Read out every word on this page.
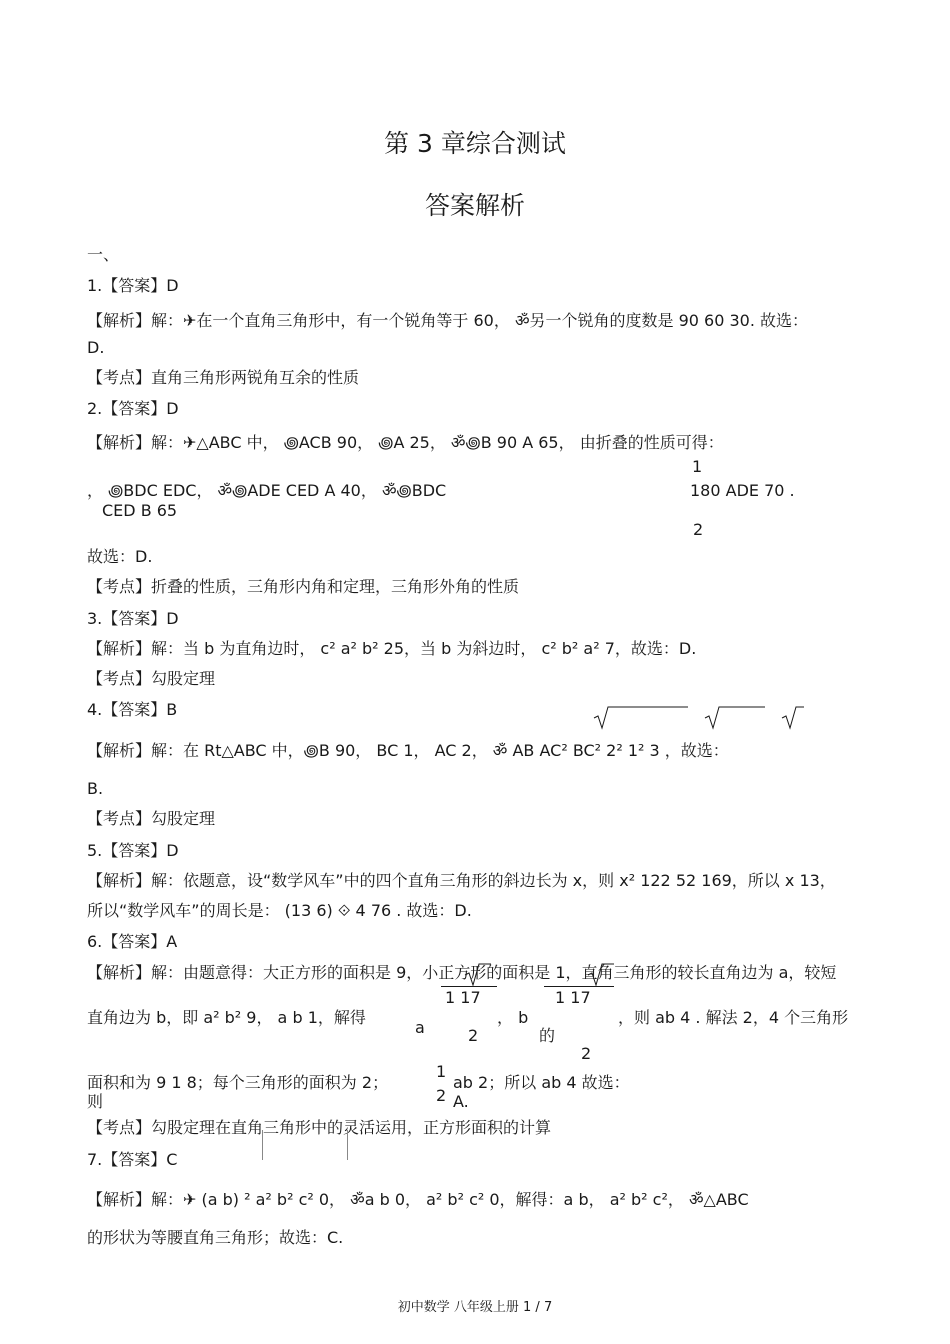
第 3 章综合测试
答案解析
一、
1.【答案】D
【解析】解：✈在一个直角三角形中，有一个锐角等于 60， ॐ另一个锐角的度数是 90 60 30. 故选：
D.
【考点】直角三角形两锐角互余的性质
2.【答案】D
【解析】解：✈△ABC 中， ꩜ACB 90， ꩜A 25， ॐ꩜B 90 A 65， 由折叠的性质可得：
1
， ꩜BDC EDC， ॐ꩜ADE CED A 40， ॐ꩜BDC	180 ADE 70 .
CED B 65
2
故选：D.
【考点】折叠的性质，三角形内角和定理，三角形外角的性质
3.【答案】D
【解析】解：当 b 为直角边时， c² a² b² 25，当 b 为斜边时， c² b² a² 7，故选：D.
【考点】勾股定理
4.【答案】B
【解析】解：在 Rt△ABC 中，꩜B 90， BC 1， AC 2， ॐ AB AC² BC² 2² 1² 3 ，故选：
B.
【考点】勾股定理
5.【答案】D
【解析】解：依题意，设“数学风车”中的四个直角三角形的斜边长为 x，则 x² 122 52 169，所以 x 13，
所以“数学风车”的周长是： (13 6) ⟐ 4 76 . 故选：D.
6.【答案】A
【解析】解：由题意得：大正方形的面积是 9，小正方形的面积是 1，直角三角形的较长直角边为 a，较短
1 17	1 17
直角边为 b，即 a² b² 9， a b 1，解得	， b	，则 ab 4 . 解法 2，4 个三角形
a	2	的
2
1
面积和为 9 1 8；每个三角形的面积为 2；	ab 2；所以 ab 4 故选：
2
则	A.
【考点】勾股定理在直角三角形中的灵活运用，正方形面积的计算
7.【答案】C
【解析】解：✈ (a b) ² a² b² c² 0， ॐa b 0， a² b² c² 0，解得：a b， a² b² c²， ॐ△ABC
的形状为等腰直角三角形；故选：C.
初中数学 八年级上册 1 / 7
